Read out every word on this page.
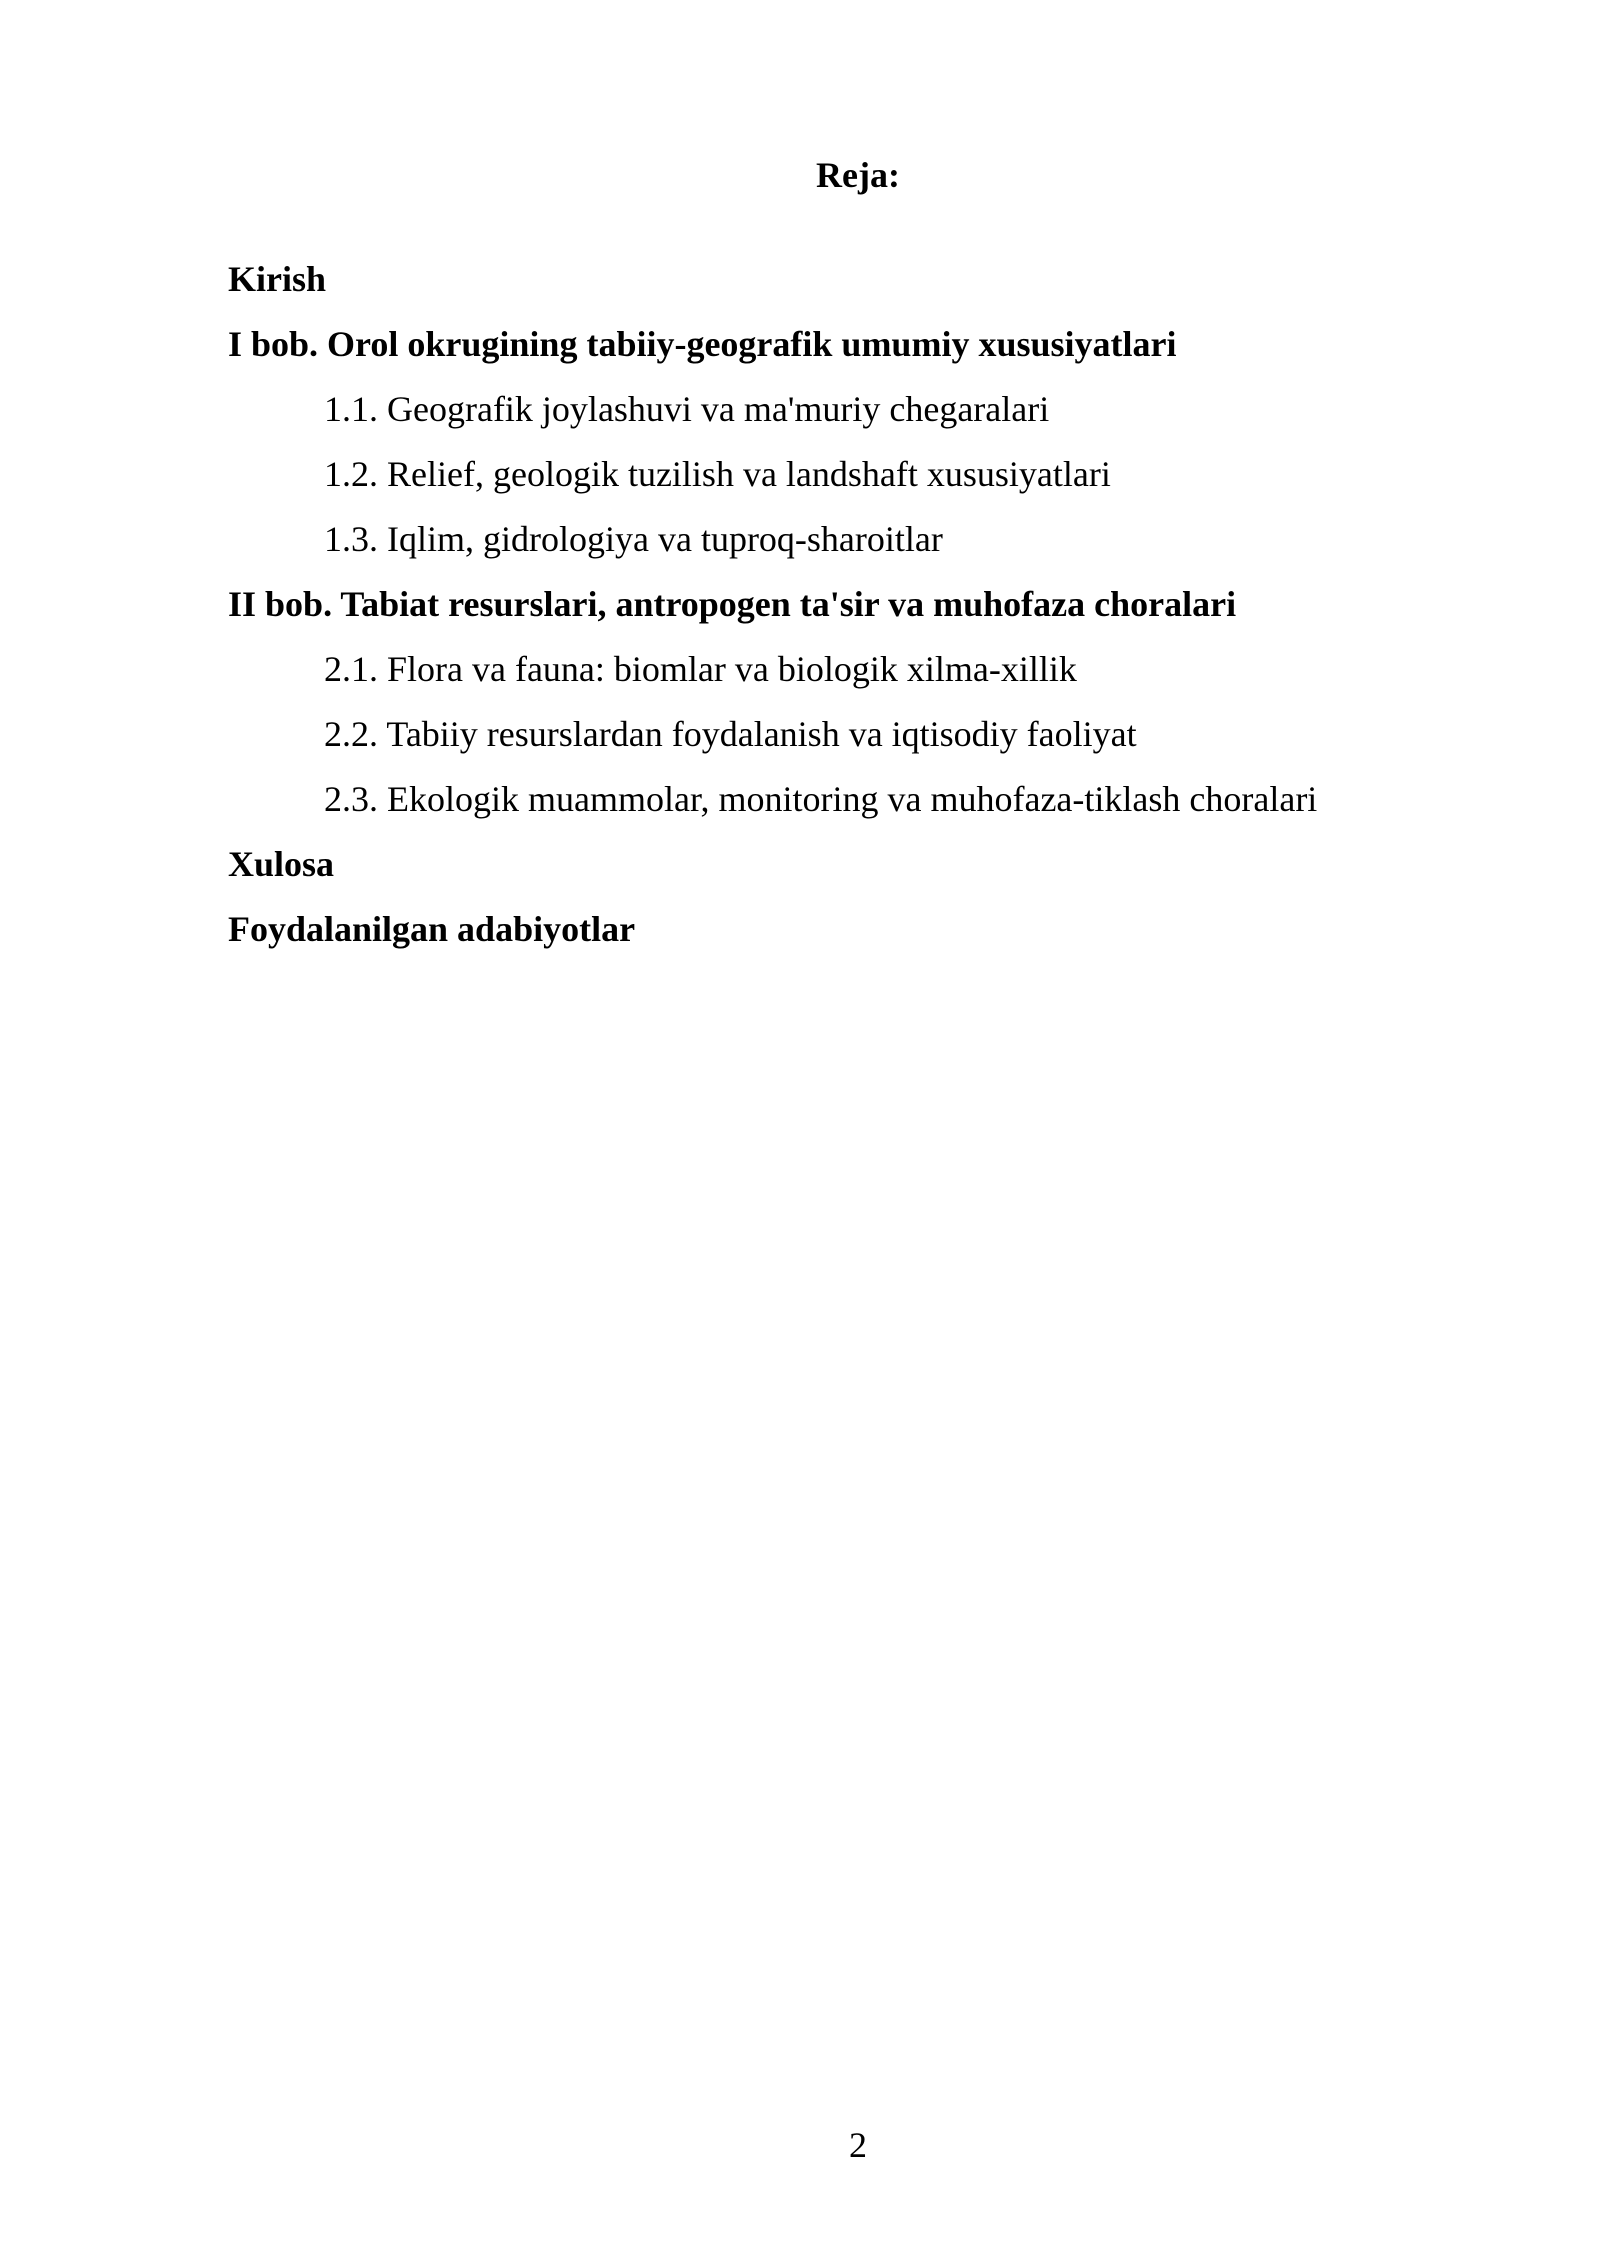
Reja:
Kirish
I bob. Orol okrugining tabiiy-geografik umumiy xususiyatlari
1.1. Geografik joylashuvi va ma'muriy chegaralari
1.2. Relief, geologik tuzilish va landshaft xususiyatlari
1.3. Iqlim, gidrologiya va tuproq-sharoitlar
II bob. Tabiat resurslari, antropogen ta'sir va muhofaza choralari
2.1. Flora va fauna: biomlar va biologik xilma-xillik
2.2. Tabiiy resurslardan foydalanish va iqtisodiy faoliyat
2.3. Ekologik muammolar, monitoring va muhofaza-tiklash choralari
Xulosa
Foydalanilgan adabiyotlar
2
